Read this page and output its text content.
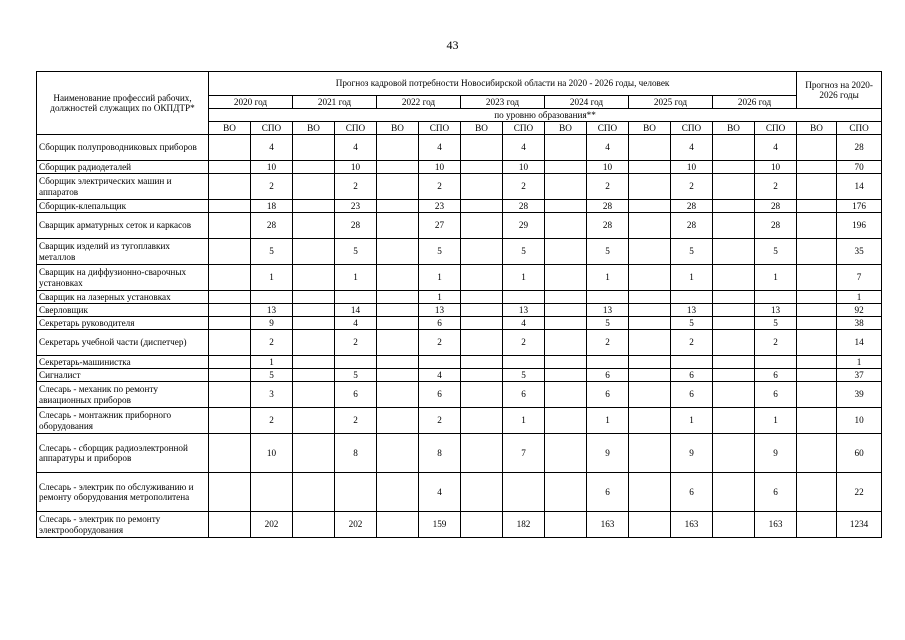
43
Наименование профессий рабочих, должностей служащих по ОКПДТР*	Прогноз кадровой потребности Новосибирской области на 2020 - 2026 годы, человек														Прогноз на 2020-2026 годы	
	2020 год		2021 год		2022 год		2023 год		2024 год		2025 год		2026 год			
	по уровню образования**															
	ВО	СПО	ВО	СПО	ВО	СПО	ВО	СПО	ВО	СПО	ВО	СПО	ВО	СПО	ВО	СПО
Сборщик полупроводниковых приборов		4		4		4		4		4		4		4		28
Сборщик радиодеталей		10		10		10		10		10		10		10		70
Сборщик электрических машин и аппаратов		2		2		2		2		2		2		2		14
Сборщик-клепальщик		18		23		23		28		28		28		28		176
Сварщик арматурных сеток и каркасов		28		28		27		29		28		28		28		196
Сварщик изделий из тугоплавких металлов		5		5		5		5		5		5		5		35
Сварщик на диффузионно-сварочных установках		1		1		1		1		1		1		1		7
Сварщик на лазерных установках						1										1
Сверловщик		13		14		13		13		13		13		13		92
Секретарь руководителя		9		4		6		4		5		5		5		38
Секретарь учебной части (диспетчер)		2		2		2		2		2		2		2		14
Секретарь-машинистка		1														1
Сигналист		5		5		4		5		6		6		6		37
Слесарь - механик по ремонту авиационных приборов		3		6		6		6		6		6		6		39
Слесарь - монтажник приборного оборудования		2		2		2		1		1		1		1		10
Слесарь - сборщик радиоэлектронной аппаратуры и приборов		10		8		8		7		9		9		9		60
Слесарь - электрик по обслуживанию и ремонту оборудования метрополитена						4				6		6		6		22
Слесарь - электрик по ремонту электрооборудования		202		202		159		182		163		163		163		1234
